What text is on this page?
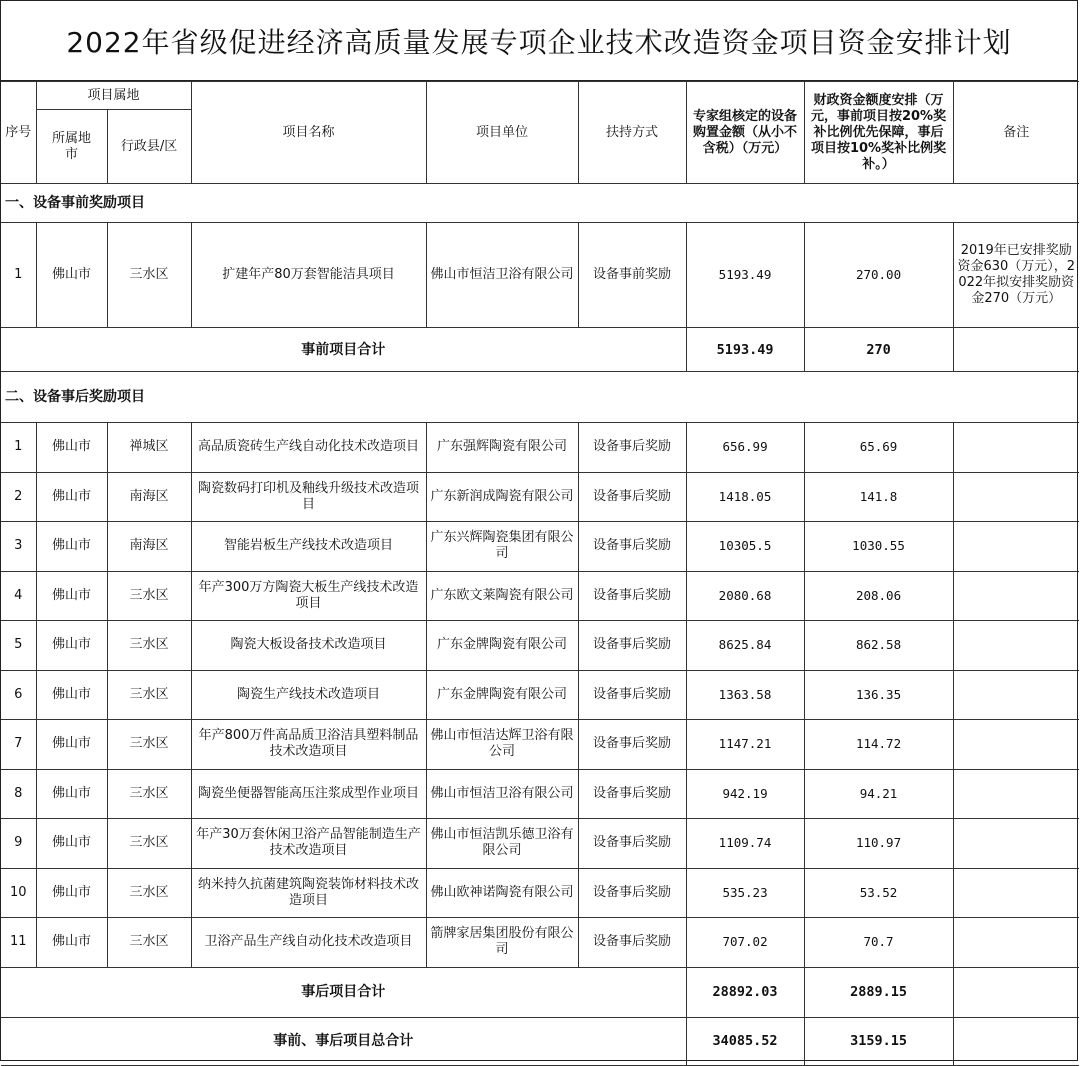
2022年省级促进经济高质量发展专项企业技术改造资金项目资金安排计划
序号	项目属地		项目名称	项目单位	扶持方式	专家组核定的设备购置金额（从小不含税）（万元）	财政资金额度安排（万元，事前项目按20%奖补比例优先保障，事后项目按10%奖补比例奖补。）	备注
	所属地市	行政县/区						
一、设备事前奖励项目								
1	佛山市	三水区	扩建年产80万套智能洁具项目	佛山市恒洁卫浴有限公司	设备事前奖励	5193.49	270.00	2019年已安排奖励资金630（万元），2022年拟安排奖励资金270（万元）
事前项目合计						5193.49	270	
二、设备事后奖励项目								
1	佛山市	禅城区	高品质瓷砖生产线自动化技术改造项目	广东强辉陶瓷有限公司	设备事后奖励	656.99	65.69	
2	佛山市	南海区	陶瓷数码打印机及釉线升级技术改造项目	广东新润成陶瓷有限公司	设备事后奖励	1418.05	141.8	
3	佛山市	南海区	智能岩板生产线技术改造项目	广东兴辉陶瓷集团有限公司	设备事后奖励	10305.5	1030.55	
4	佛山市	三水区	年产300万方陶瓷大板生产线技术改造项目	广东欧文莱陶瓷有限公司	设备事后奖励	2080.68	208.06	
5	佛山市	三水区	陶瓷大板设备技术改造项目	广东金牌陶瓷有限公司	设备事后奖励	8625.84	862.58	
6	佛山市	三水区	陶瓷生产线技术改造项目	广东金牌陶瓷有限公司	设备事后奖励	1363.58	136.35	
7	佛山市	三水区	年产800万件高品质卫浴洁具塑料制品技术改造项目	佛山市恒洁达辉卫浴有限公司	设备事后奖励	1147.21	114.72	
8	佛山市	三水区	陶瓷坐便器智能高压注浆成型作业项目	佛山市恒洁卫浴有限公司	设备事后奖励	942.19	94.21	
9	佛山市	三水区	年产30万套休闲卫浴产品智能制造生产技术改造项目	佛山市恒洁凯乐德卫浴有限公司	设备事后奖励	1109.74	110.97	
10	佛山市	三水区	纳米持久抗菌建筑陶瓷装饰材料技术改造项目	佛山欧神诺陶瓷有限公司	设备事后奖励	535.23	53.52	
11	佛山市	三水区	卫浴产品生产线自动化技术改造项目	箭牌家居集团股份有限公司	设备事后奖励	707.02	70.7	
事后项目合计						28892.03	2889.15	
事前、事后项目总合计						34085.52	3159.15	
